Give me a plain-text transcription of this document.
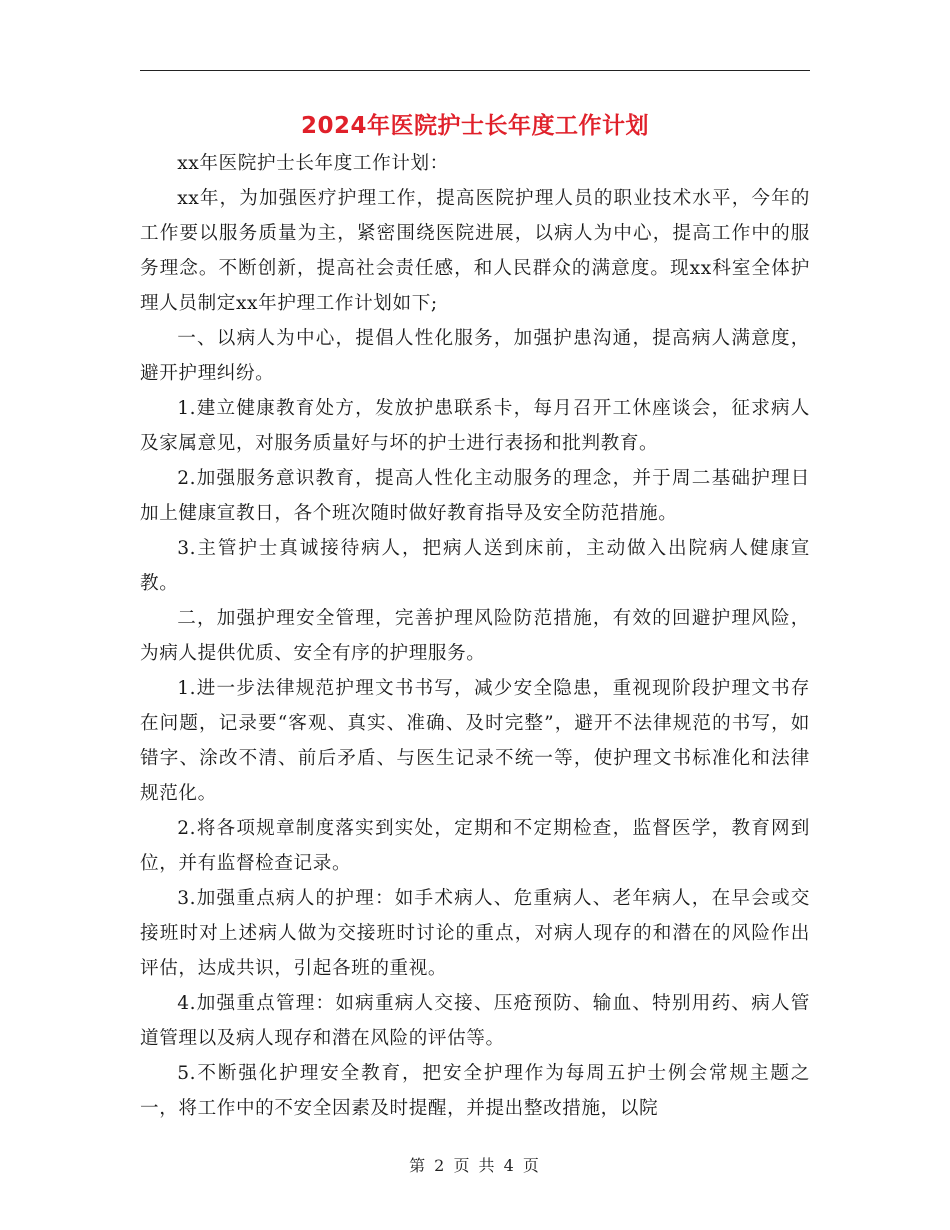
2024年医院护士长年度工作计划

xx年医院护士长年度工作计划：

xx年，为加强医疗护理工作，提高医院护理人员的职业技术水平，今年的工作要以服务质量为主，紧密围绕医院进展，以病人为中心，提高工作中的服务理念。不断创新，提高社会责任感，和人民群众的满意度。现xx科室全体护理人员制定xx年护理工作计划如下;

一、以病人为中心，提倡人性化服务，加强护患沟通，提高病人满意度，避开护理纠纷。

1.建立健康教育处方，发放护患联系卡，每月召开工休座谈会，征求病人及家属意见，对服务质量好与坏的护士进行表扬和批判教育。

2.加强服务意识教育，提高人性化主动服务的理念，并于周二基础护理日加上健康宣教日，各个班次随时做好教育指导及安全防范措施。

3.主管护士真诚接待病人，把病人送到床前，主动做入出院病人健康宣教。

二，加强护理安全管理，完善护理风险防范措施，有效的回避护理风险，为病人提供优质、安全有序的护理服务。

1.进一步法律规范护理文书书写，减少安全隐患，重视现阶段护理文书存在问题，记录要“客观、真实、准确、及时完整”，避开不法律规范的书写，如错字、涂改不清、前后矛盾、与医生记录不统一等，使护理文书标准化和法律规范化。

2.将各项规章制度落实到实处，定期和不定期检查，监督医学，教育网到位，并有监督检查记录。

3.加强重点病人的护理：如手术病人、危重病人、老年病人，在早会或交接班时对上述病人做为交接班时讨论的重点，对病人现存的和潜在的风险作出评估，达成共识，引起各班的重视。

4.加强重点管理：如病重病人交接、压疮预防、输血、特别用药、病人管道管理以及病人现存和潜在风险的评估等。

5.不断强化护理安全教育，把安全护理作为每周五护士例会常规主题之一，将工作中的不安全因素及时提醒，并提出整改措施，以院

第 2 页 共 4 页
